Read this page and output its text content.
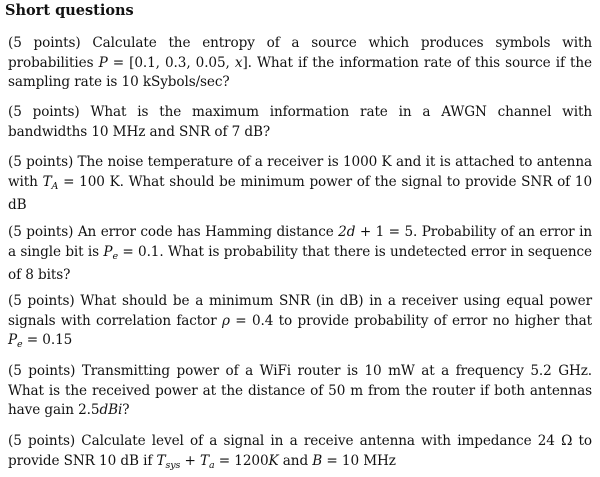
Short questions

(5 points) Calculate the entropy of a source which produces symbols with probabilities P = [0.1, 0.3, 0.05, x]. What if the information rate of this source if the sampling rate is 10 kSybols/sec?

(5 points) What is the maximum information rate in a AWGN channel with bandwidths 10 MHz and SNR of 7 dB?

(5 points) The noise temperature of a receiver is 1000 K and it is attached to antenna with $T_A = 100$ K. What should be minimum power of the signal to provide SNR of 10 dB

(5 points) An error code has Hamming distance 2d + 1 = 5. Probability of an error in a single bit is $P_e = 0.1$. What is probability that there is undetected error in sequence of 8 bits?

(5 points) What should be a minimum SNR (in dB) in a receiver using equal power signals with correlation factor ρ = 0.4 to provide probability of error no higher that $P_e = 0.15$

(5 points) Transmitting power of a WiFi router is 10 mW at a frequency 5.2 GHz. What is the received power at the distance of 50 m from the router if both antennas have gain 2.5dBi?

(5 points) Calculate level of a signal in a receive antenna with impedance 24 Ω to provide SNR 10 dB if $T_{sys} + T_a = 1200K$ and B = 10 MHz
